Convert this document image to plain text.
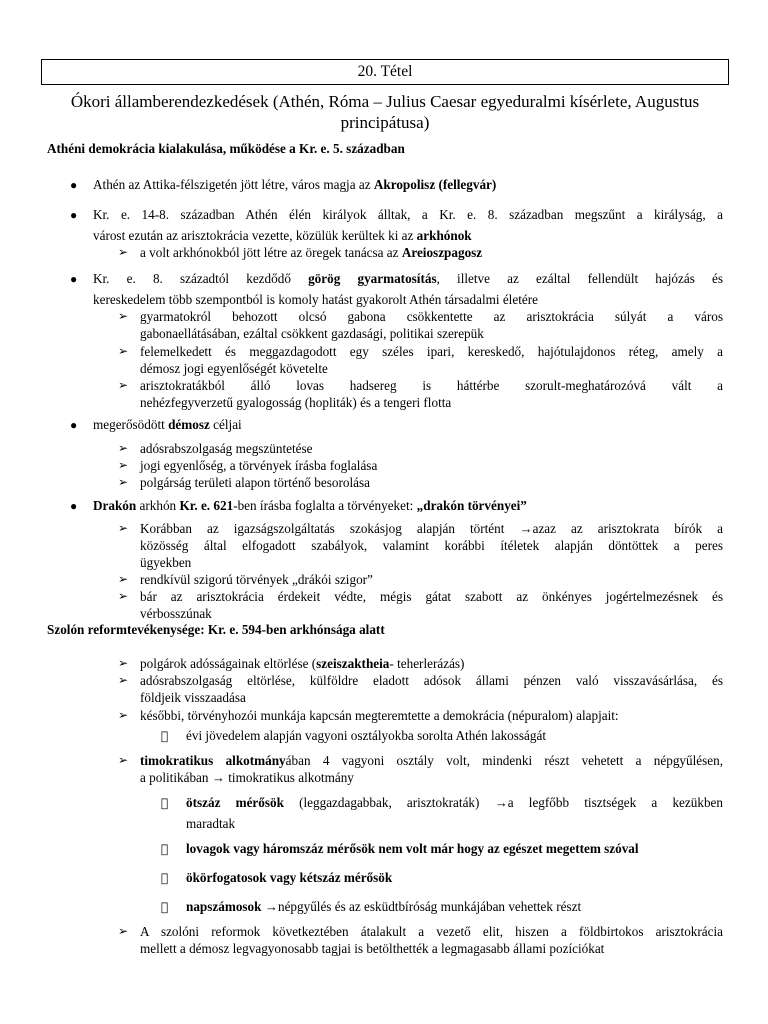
20. Tétel
Ókori államberendezkedések (Athén, Róma – Julius Caesar egyeduralmi kísérlete, Augustus
principátusa)
Athéni demokrácia kialakulása, működése a Kr. e. 5. században
● Athén az Attika-félszigetén jött létre, város magja az Akropolisz (fellegvár)
● Kr. e. 14-8. században Athén élén királyok álltak, a Kr. e. 8. században megszűnt a királyság, a
várost ezután az arisztokrácia vezette, közülük kerültek ki az arkhónok
➢ a volt arkhónokból jött létre az öregek tanácsa az Areioszpagosz
● Kr. e. 8. századtól kezdődő görög gyarmatosítás, illetve az ezáltal fellendült hajózás és
kereskedelem több szempontból is komoly hatást gyakorolt Athén társadalmi életére
➢ gyarmatokról behozott olcsó gabona csökkentette az arisztokrácia súlyát a város
gabonaellátásában, ezáltal csökkent gazdasági, politikai szerepük
➢ felemelkedett és meggazdagodott egy széles ipari, kereskedő, hajótulajdonos réteg, amely a
démosz jogi egyenlőségét követelte
➢ arisztokratákból álló lovas hadsereg is háttérbe szorult-meghatározóvá vált a
nehézfegyverzetű gyalogosság (hopliták) és a tengeri flotta
● megerősödött démosz céljai
➢ adósrabszolgaság megszüntetése
➢ jogi egyenlőség, a törvények írásba foglalása
➢ polgárság területi alapon történő besorolása
● Drakón arkhón Kr. e. 621-ben írásba foglalta a törvényeket: „drakón törvényei”
➢ Korábban az igazságszolgáltatás szokásjog alapján történt →azaz az arisztokrata bírók a
közösség által elfogadott szabályok, valamint korábbi ítéletek alapján döntöttek a peres
ügyekben
➢ rendkívül szigorú törvények „drákói szigor”
➢ bár az arisztokrácia érdekeit védte, mégis gátat szabott az önkényes jogértelmezésnek és
vérbosszúnak
Szolón reformtevékenysége: Kr. e. 594-ben arkhónsága alatt
➢ polgárok adósságainak eltörlése (szeiszaktheia- teherlerázás)
➢ adósrabszolgaság eltörlése, külföldre eladott adósok állami pénzen való visszavásárlása, és
földjeik visszaadása
➢ későbbi, törvényhozói munkája kapcsán megteremtette a demokrácia (népuralom) alapjait:
évi jövedelem alapján vagyoni osztályokba sorolta Athén lakosságát
➢ timokratikus alkotmányában 4 vagyoni osztály volt, mindenki részt vehetett a népgyűlésen,
a politikában → timokratikus alkotmány
ötszáz mérősök (leggazdagabbak, arisztokraták) →a legfőbb tisztségek a kezükben
maradtak
lovagok vagy háromszáz mérősök nem volt már hogy az egészet megettem szóval
ökörfogatosok vagy kétszáz mérősök
napszámosok →népgyűlés és az esküdtbíróság munkájában vehettek részt
➢ A szolóni reformok következtében átalakult a vezető elit, hiszen a földbirtokos arisztokrácia
mellett a démosz legvagyonosabb tagjai is betölthették a legmagasabb állami pozíciókat
